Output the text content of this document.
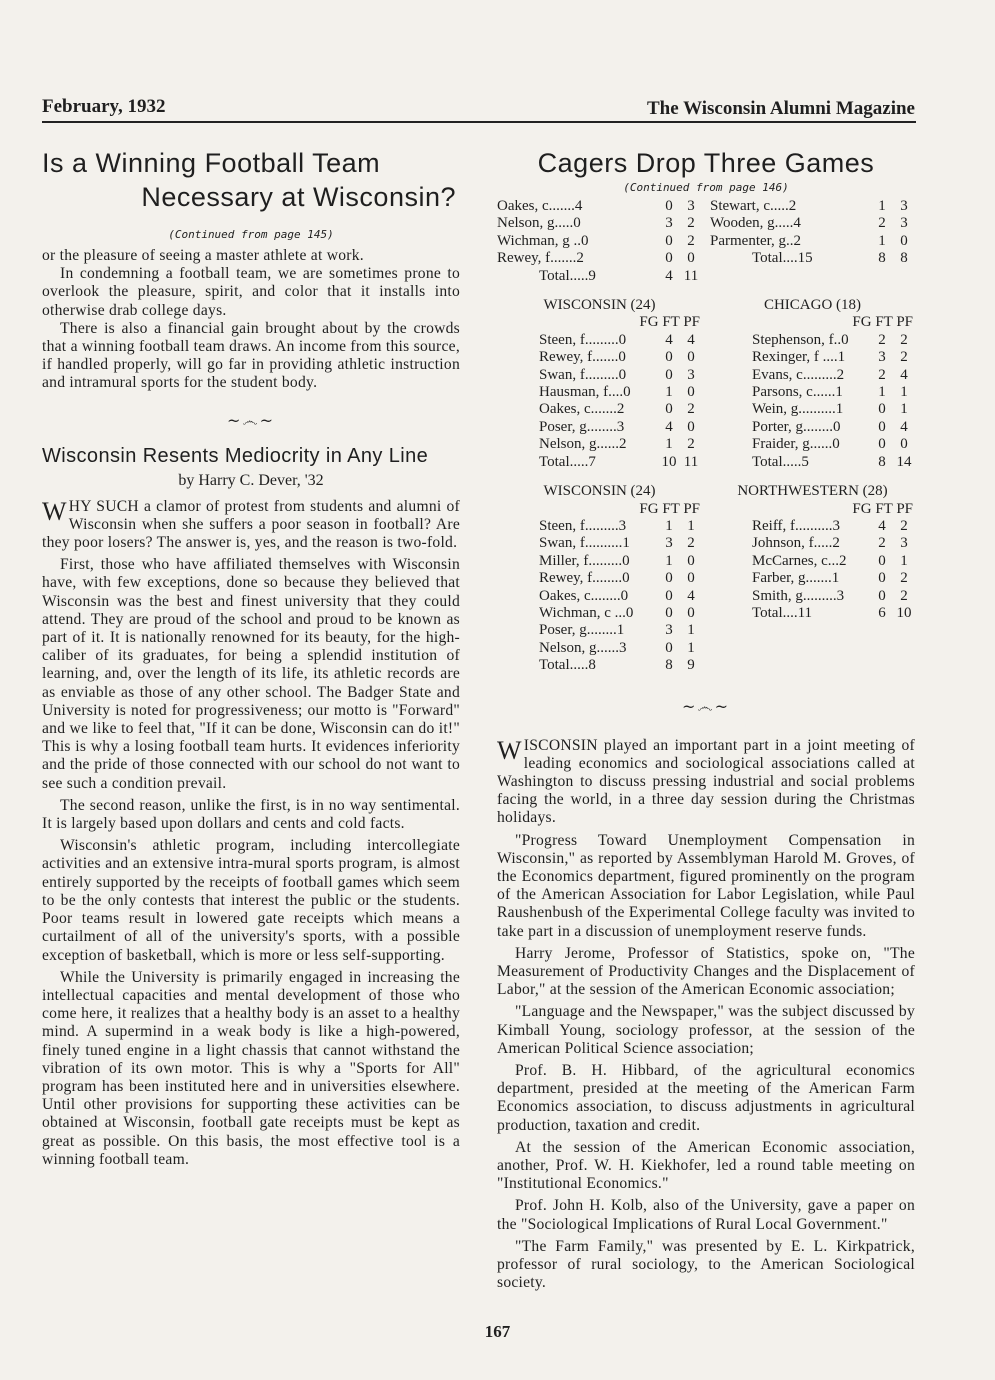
February, 1932	The Wisconsin Alumni Magazine
Is a Winning Football Team
Necessary at Wisconsin?
(Continued from page 145)

or the pleasure of seeing a master athlete at work.

In condemning a football team, we are sometimes prone to overlook the pleasure, spirit, and color that it installs into otherwise drab college days.

There is also a financial gain brought about by the crowds that a winning football team draws. An income from this source, if handled properly, will go far in providing athletic instruction and intramural sports for the student body.

~෴~
Wisconsin Resents Mediocrity in Any Line
by Harry C. Dever, '32

WHY SUCH a clamor of protest from students and alumni of Wisconsin when she suffers a poor season in football? Are they poor losers? The answer is, yes, and the reason is two-fold.

First, those who have affiliated themselves with Wisconsin have, with few exceptions, done so because they believed that Wisconsin was the best and finest university that they could attend. They are proud of the school and proud to be known as part of it. It is nationally renowned for its beauty, for the high-caliber of its graduates, for being a splendid institution of learning, and, over the length of its life, its athletic records are as enviable as those of any other school. The Badger State and University is noted for progressiveness; our motto is "Forward" and we like to feel that, "If it can be done, Wisconsin can do it!" This is why a losing football team hurts. It evidences inferiority and the pride of those connected with our school do not want to see such a condition prevail.

The second reason, unlike the first, is in no way sentimental. It is largely based upon dollars and cents and cold facts.

Wisconsin's athletic program, including intercollegiate activities and an extensive intra-mural sports program, is almost entirely supported by the receipts of football games which seem to be the only contests that interest the public or the students. Poor teams result in lowered gate receipts which means a curtailment of all of the university's sports, with a possible exception of basketball, which is more or less self-supporting.

While the University is primarily engaged in increasing the intellectual capacities and mental development of those who come here, it realizes that a healthy body is an asset to a healthy mind. A supermind in a weak body is like a high-powered, finely tuned engine in a light chassis that cannot withstand the vibration of its own motor. This is why a "Sports for All" program has been instituted here and in universities elsewhere. Until other provisions for supporting these activities can be obtained at Wisconsin, football gate receipts must be kept as great as possible. On this basis, the most effective tool is a winning football team.

Cagers Drop Three Games
(Continued from page 146)
Oakes, c.......4	0 3
Nelson, g.....0	3 2
Wichman, g ..0	0 2
Rewey, f.......2	0 0
Total.....9	4 11
Stewart, c.....2	1 3
Wooden, g.....4	2 3
Parmenter, g..2	1 0
Total....15	8 8
WISCONSIN (24)
FG FT PF
Steen, f.........0	4 4
Rewey, f.......0	0 0
Swan, f.........0	0 3
Hausman, f....0	1 0
Oakes, c.......2	0 2
Poser, g........3	4 0
Nelson, g......2	1 2
Total.....7	10 11
CHICAGO (18)
FG FT PF
Stephenson, f..0	2 2
Rexinger, f ....1	3 2
Evans, c.........2	2 4
Parsons, c......1	1 1
Wein, g..........1	0 1
Porter, g........0	0 4
Fraider, g......0	0 0
Total.....5	8 14
WISCONSIN (24)
FG FT PF
Steen, f.........3	1 1
Swan, f..........1	3 2
Miller, f.........0	1 0
Rewey, f........0	0 0
Oakes, c........0	0 4
Wichman, c ...0	0 0
Poser, g........1	3 1
Nelson, g......3	0 1
Total.....8	8 9
NORTHWESTERN (28)
FG FT PF
Reiff, f..........3	4 2
Johnson, f.....2	2 3
McCarnes, c...2	0 1
Farber, g.......1	0 2
Smith, g.........3	0 2
Total....11	6 10
~෴~

WISCONSIN played an important part in a joint meeting of leading economics and sociological associations called at Washington to discuss pressing industrial and social problems facing the world, in a three day session during the Christmas holidays.

"Progress Toward Unemployment Compensation in Wisconsin," as reported by Assemblyman Harold M. Groves, of the Economics department, figured prominently on the program of the American Association for Labor Legislation, while Paul Raushenbush of the Experimental College faculty was invited to take part in a discussion of unemployment reserve funds.

Harry Jerome, Professor of Statistics, spoke on, "The Measurement of Productivity Changes and the Displacement of Labor," at the session of the American Economic association;

"Language and the Newspaper," was the subject discussed by Kimball Young, sociology professor, at the session of the American Political Science association;

Prof. B. H. Hibbard, of the agricultural economics department, presided at the meeting of the American Farm Economics association, to discuss adjustments in agricultural production, taxation and credit.

At the session of the American Economic association, another, Prof. W. H. Kiekhofer, led a round table meeting on "Institutional Economics."

Prof. John H. Kolb, also of the University, gave a paper on the "Sociological Implications of Rural Local Government."

"The Farm Family," was presented by E. L. Kirkpatrick, professor of rural sociology, to the American Sociological society.

167
